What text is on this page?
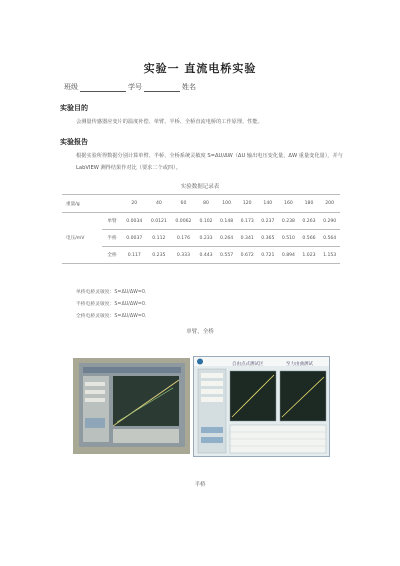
实验一 直流电桥实验
班级	学号	姓名
实验目的
会测量传感器应变片的温度补偿、单臂、半桥、全桥直流电桥的工作原理、性能。
实验报告
根据实验所得数据分别计算单臂、半桥、全桥系统灵敏度 S=ΔU/ΔW（ΔU 输出电压变化量，ΔW 重量变化量），并与 LabVIEW 测得结果作对比（要求二个或四）。
实验数据记录表
重量/g		20	40	60	80	100	120	140	160	180	200
电压/mV	单臂	0.0034	0.0121	0.0062	0.102	0.148	0.173	0.237	0.238	0.263	0.290
	半桥	0.0037	0.112	0.176	0.233	0.264	0.341	0.365	0.510	0.566	0.564
	全桥	0.117	0.235	0.333	0.443	0.557	0.672	0.721	0.894	1.023	1.153
单桥电桥灵敏度：S=ΔU/ΔW=0.
半桥电桥灵敏度：S=ΔU/ΔW=0.
全桥电桥灵敏度：S=ΔU/ΔW=0.
单臂，全桥
自由点式测试区	至力由曲测试
半桥
